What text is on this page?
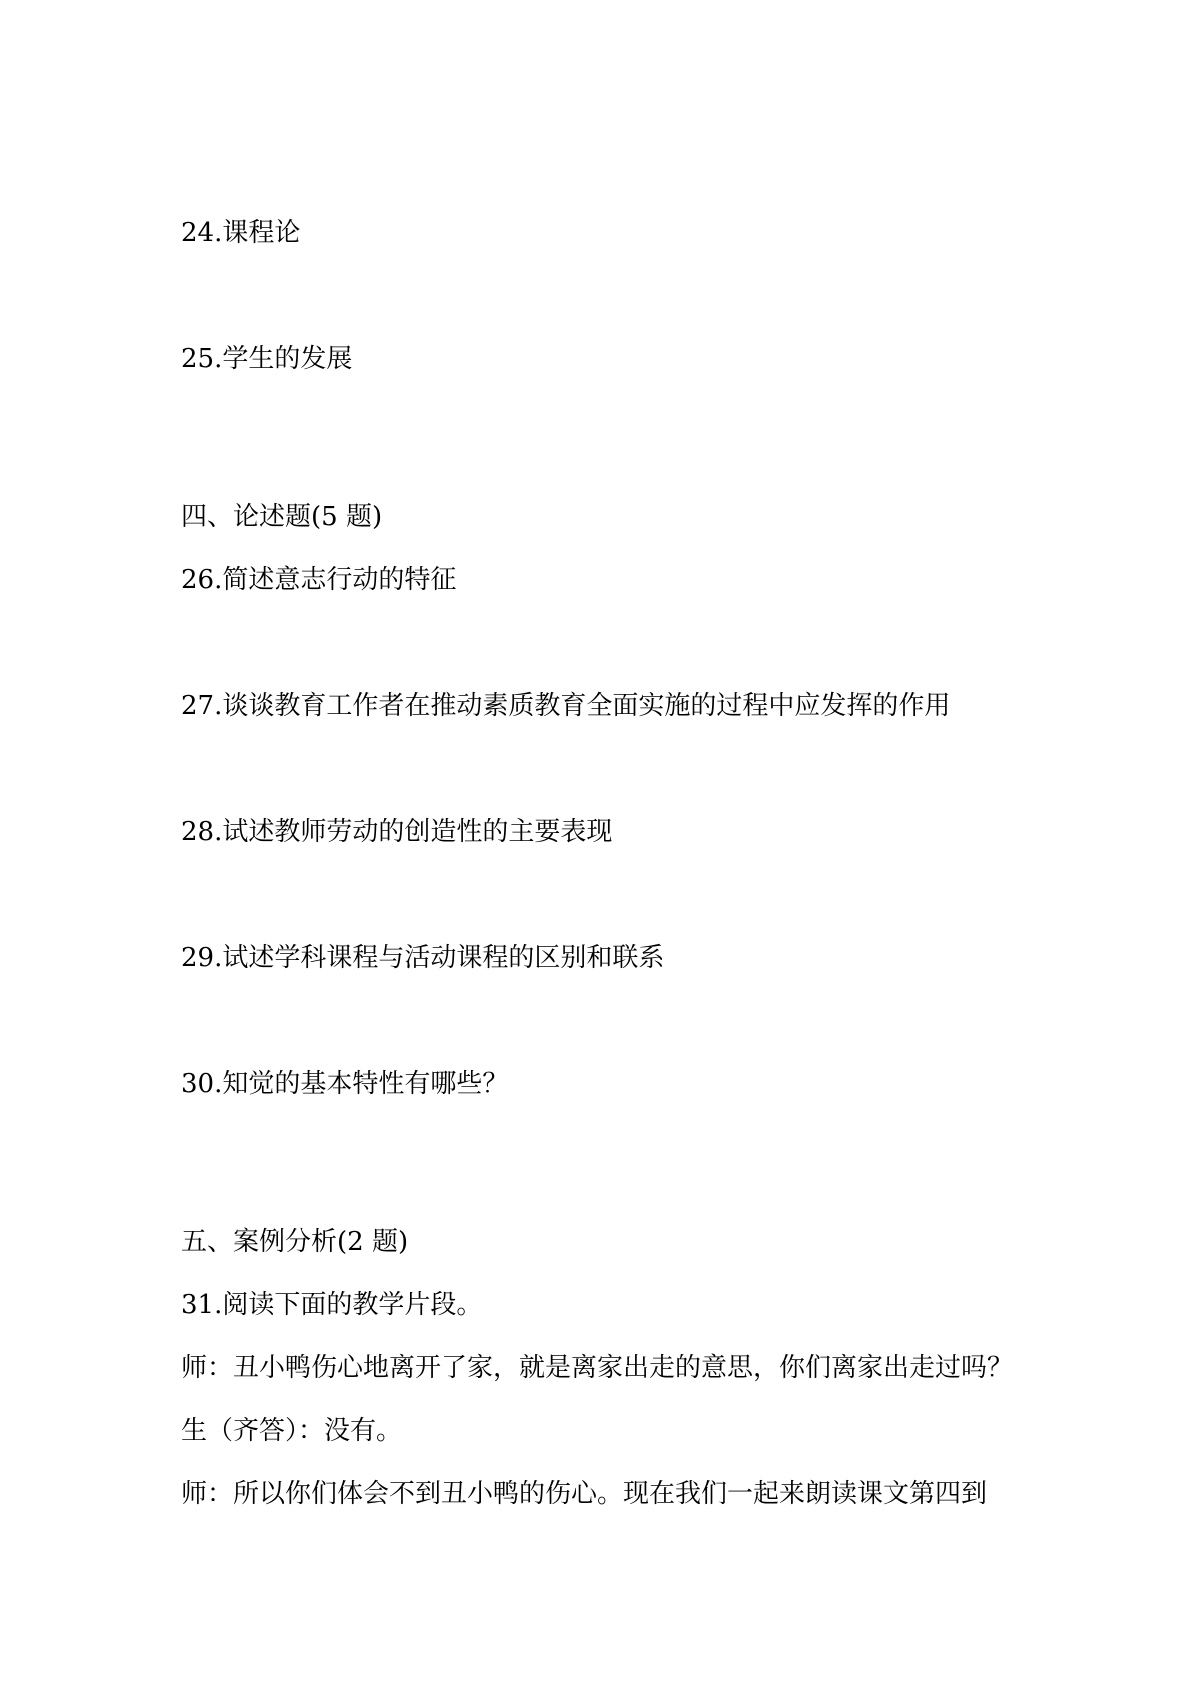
24.课程论
25.学生的发展
四、论述题(5 题)
26.简述意志行动的特征
27.谈谈教育工作者在推动素质教育全面实施的过程中应发挥的作用
28.试述教师劳动的创造性的主要表现
29.试述学科课程与活动课程的区别和联系
30.知觉的基本特性有哪些？
五、案例分析(2 题)
31.阅读下面的教学片段。
师：丑小鸭伤心地离开了家，就是离家出走的意思，你们离家出走过吗？
生（齐答）：没有。
师：所以你们体会不到丑小鸭的伤心。现在我们一起来朗读课文第四到
